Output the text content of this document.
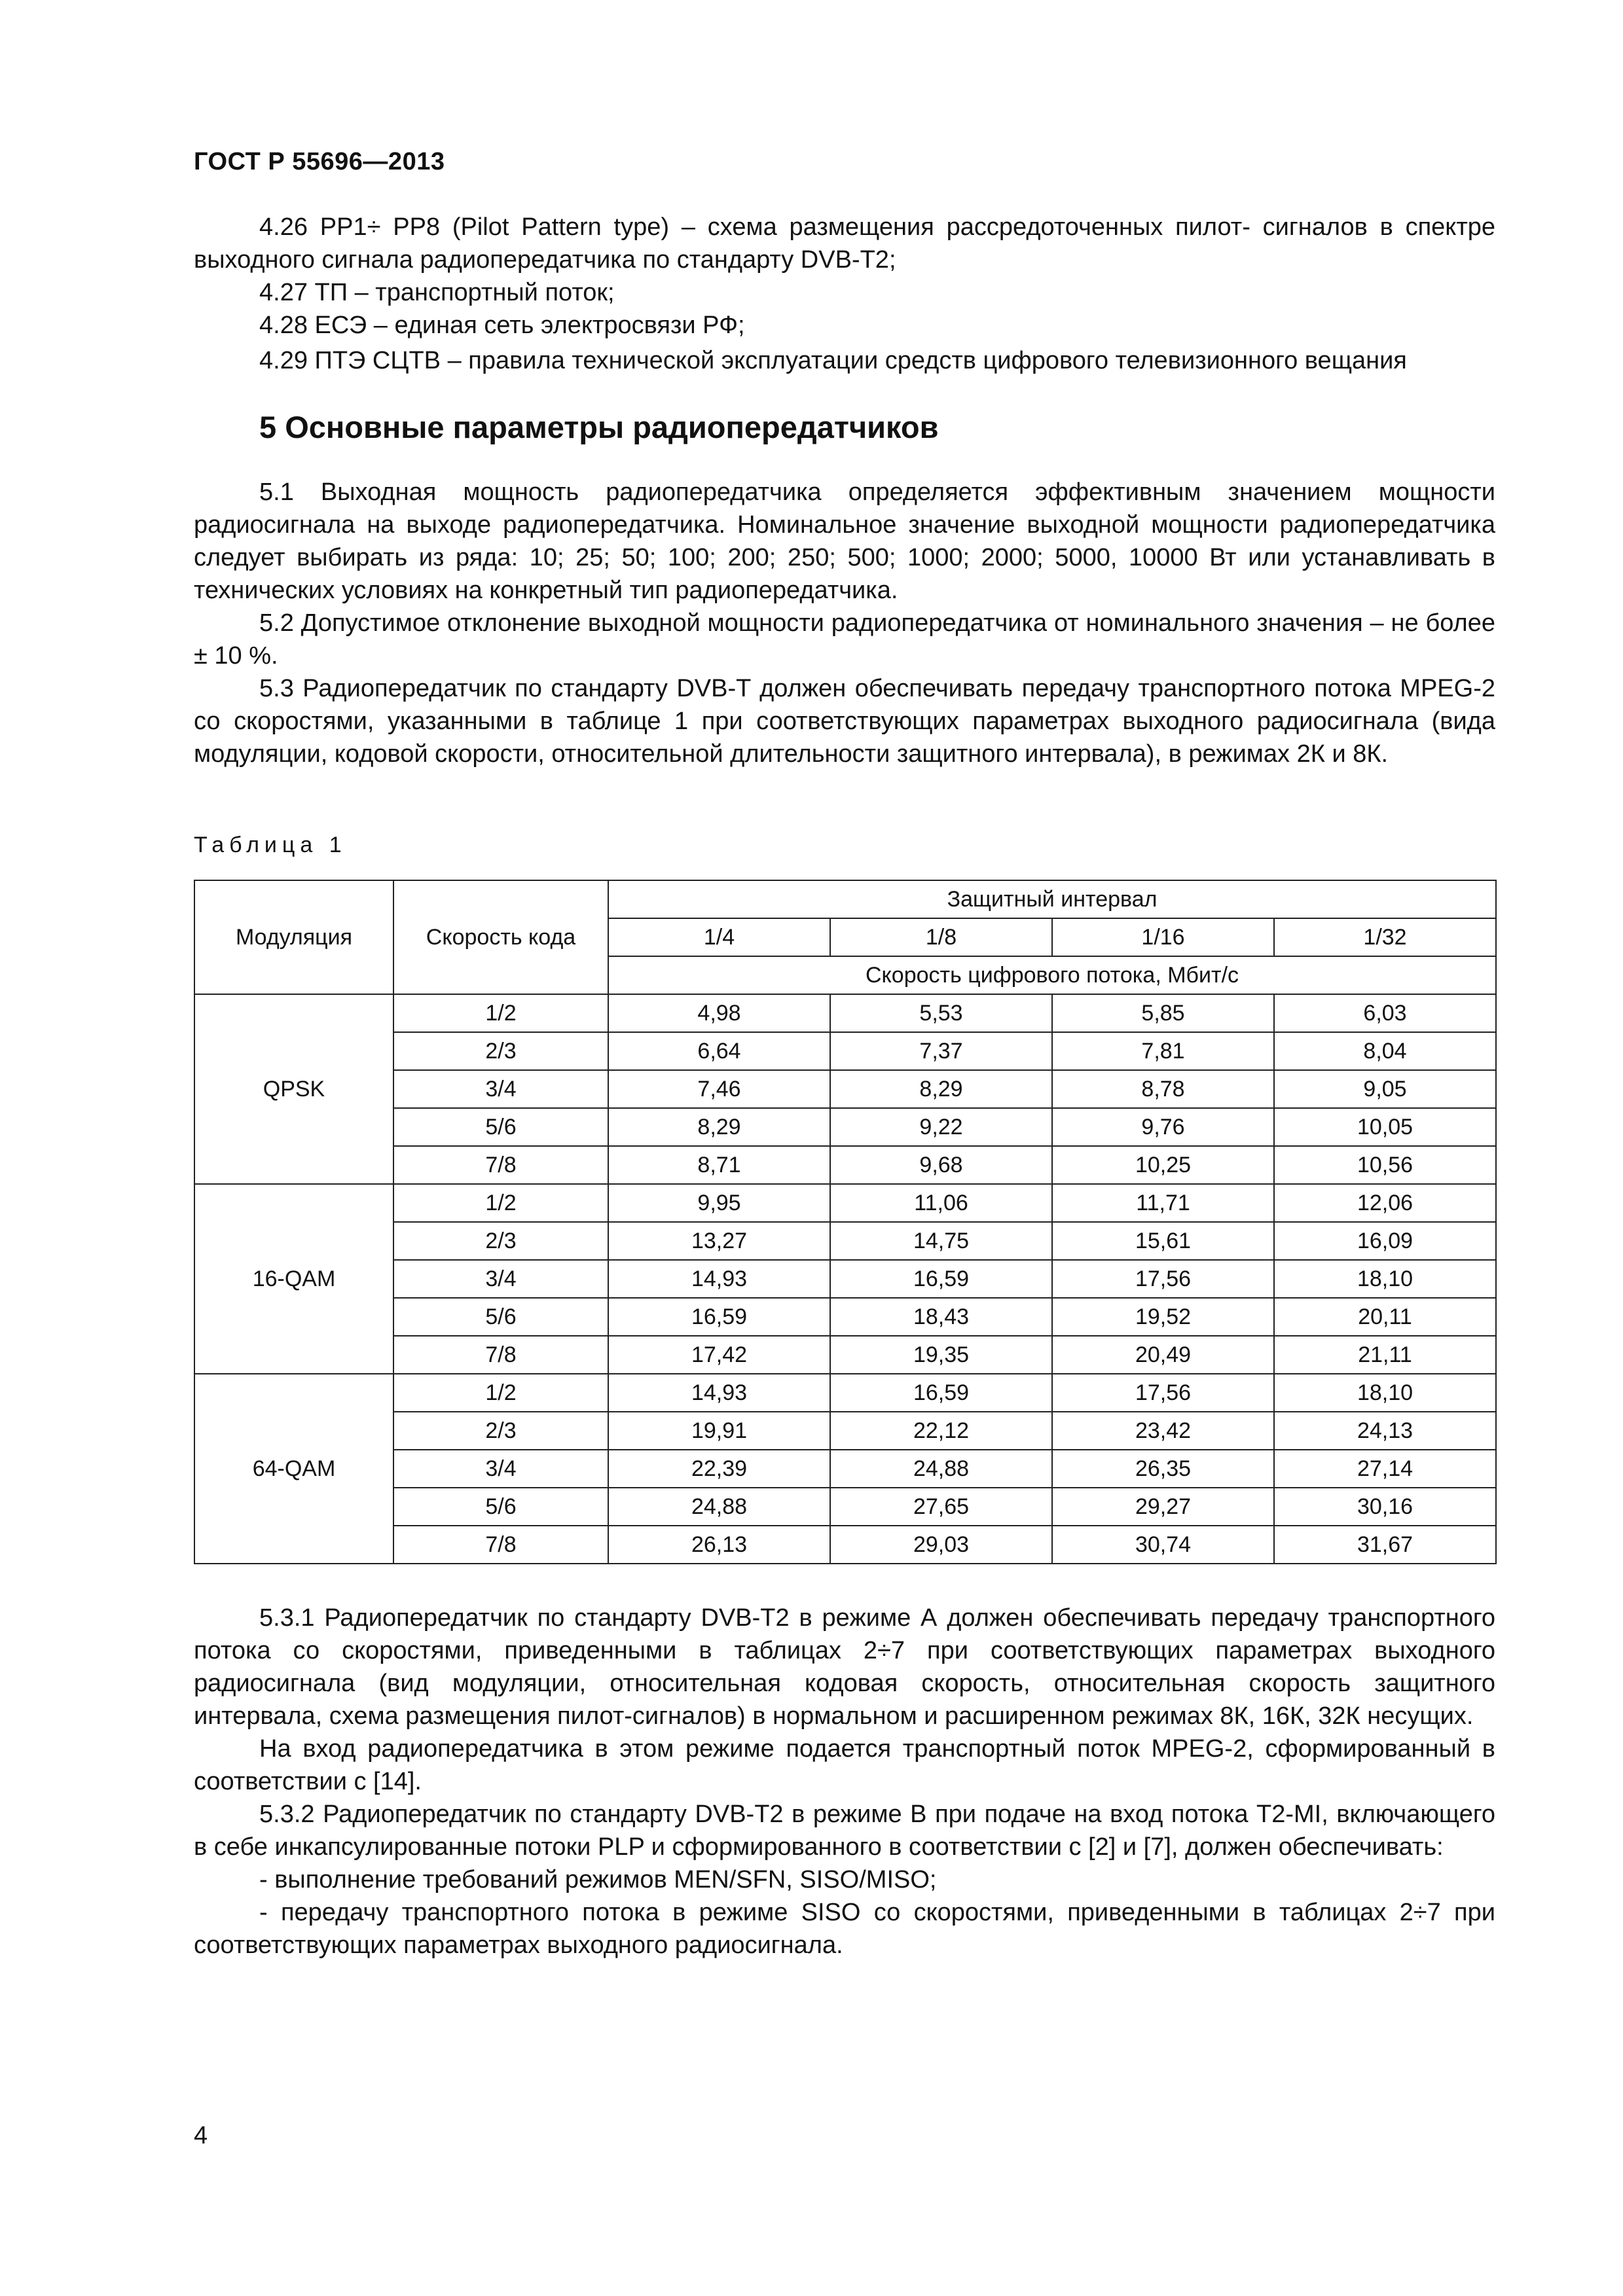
ГОСТ Р 55696—2013

4.26 PP1÷ PP8 (Pilot Pattern type) – схема размещения рассредоточенных пилот- сигналов в спектре выходного сигнала радиопередатчика по стандарту DVB-T2;

4.27 ТП – транспортный поток;

4.28 ЕСЭ – единая сеть электросвязи РФ;

4.29 ПТЭ СЦТВ – правила технической эксплуатации средств цифрового телевизионного вещания

5 Основные параметры радиопередатчиков

5.1 Выходная мощность радиопередатчика определяется эффективным значением мощности радиосигнала на выходе радиопередатчика. Номинальное значение выходной мощности радиопередатчика следует выбирать из ряда: 10; 25; 50; 100; 200; 250; 500; 1000; 2000; 5000, 10000 Вт или устанавливать в технических условиях на конкретный тип радиопередатчика.

5.2 Допустимое отклонение выходной мощности радиопередатчика от номинального значения – не более ± 10 %.

5.3 Радиопередатчик по стандарту DVB-T должен обеспечивать передачу транспортного потока MPEG-2 со скоростями, указанными в таблице 1 при соответствующих параметрах выходного радиосигнала (вида модуляции, кодовой скорости, относительной длительности защитного интервала), в режимах 2К и 8К.

Таблица 1
Модуляция	Скорость кода	Защитный интервал			
		1/4	1/8	1/16	1/32
		Скорость цифрового потока, Мбит/с			
QPSK	1/2	4,98	5,53	5,85	6,03
	2/3	6,64	7,37	7,81	8,04
	3/4	7,46	8,29	8,78	9,05
	5/6	8,29	9,22	9,76	10,05
	7/8	8,71	9,68	10,25	10,56
16-QAM	1/2	9,95	11,06	11,71	12,06
	2/3	13,27	14,75	15,61	16,09
	3/4	14,93	16,59	17,56	18,10
	5/6	16,59	18,43	19,52	20,11
	7/8	17,42	19,35	20,49	21,11
64-QAM	1/2	14,93	16,59	17,56	18,10
	2/3	19,91	22,12	23,42	24,13
	3/4	22,39	24,88	26,35	27,14
	5/6	24,88	27,65	29,27	30,16
	7/8	26,13	29,03	30,74	31,67

5.3.1 Радиопередатчик по стандарту DVB-T2 в режиме А должен обеспечивать передачу транспортного потока со скоростями, приведенными в таблицах 2÷7 при соответствующих параметрах выходного радиосигнала (вид модуляции, относительная кодовая скорость, относительная скорость защитного интервала, схема размещения пилот-сигналов) в нормальном и расширенном режимах 8К, 16К, 32К несущих.

На вход радиопередатчика в этом режиме подается транспортный поток MPEG-2, сформированный в соответствии с [14].

5.3.2 Радиопередатчик по стандарту DVB-T2 в режиме В при подаче на вход потока T2-MI, включающего в себе инкапсулированные потоки PLP и сформированного в соответствии с [2] и [7], должен обеспечивать:

- выполнение требований режимов MEN/SFN, SISO/MISO;

- передачу транспортного потока в режиме SISO со скоростями, приведенными в таблицах 2÷7 при соответствующих параметрах выходного радиосигнала.

4
